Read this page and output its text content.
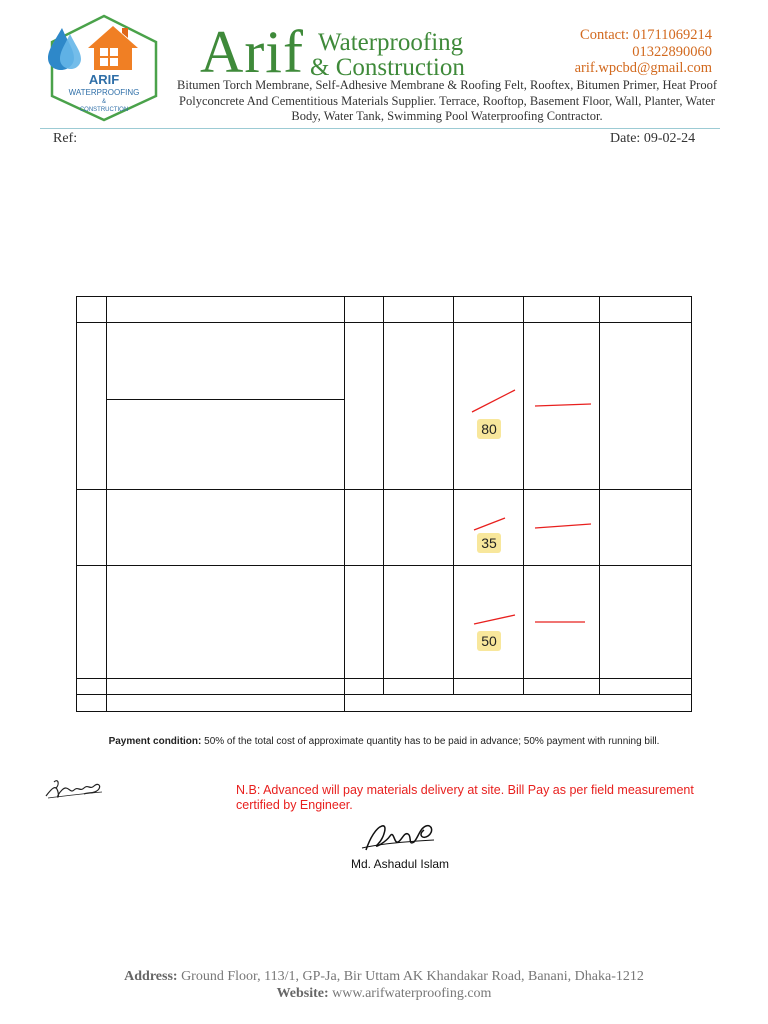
ARIF
WATERPROOFING
&
CONSTRUCTION
Arif Waterproofing
& Construction
Bitumen Torch Membrane, Self-Adhesive Membrane & Roofing Felt, Rooftex, Bitumen Primer, Heat Proof Polyconcrete And Cementitious Materials Supplier. Terrace, Rooftop, Basement Floor, Wall, Planter, Water Body, Water Tank, Swimming Pool Waterproofing Contractor.
Contact: 01711069214
01322890060
arif.wpcbd@gmail.com
Ref:	Date: 09-02-24

80
35
50
Payment condition: 50% of the total cost of approximate quantity has to be paid in advance; 50% payment with running bill.
N.B: Advanced will pay materials delivery at site. Bill Pay as per field measurement certified by Engineer.
Md. Ashadul Islam
Address: Ground Floor, 113/1, GP-Ja, Bir Uttam AK Khandakar Road, Banani, Dhaka-1212
Website: www.arifwaterproofing.com
